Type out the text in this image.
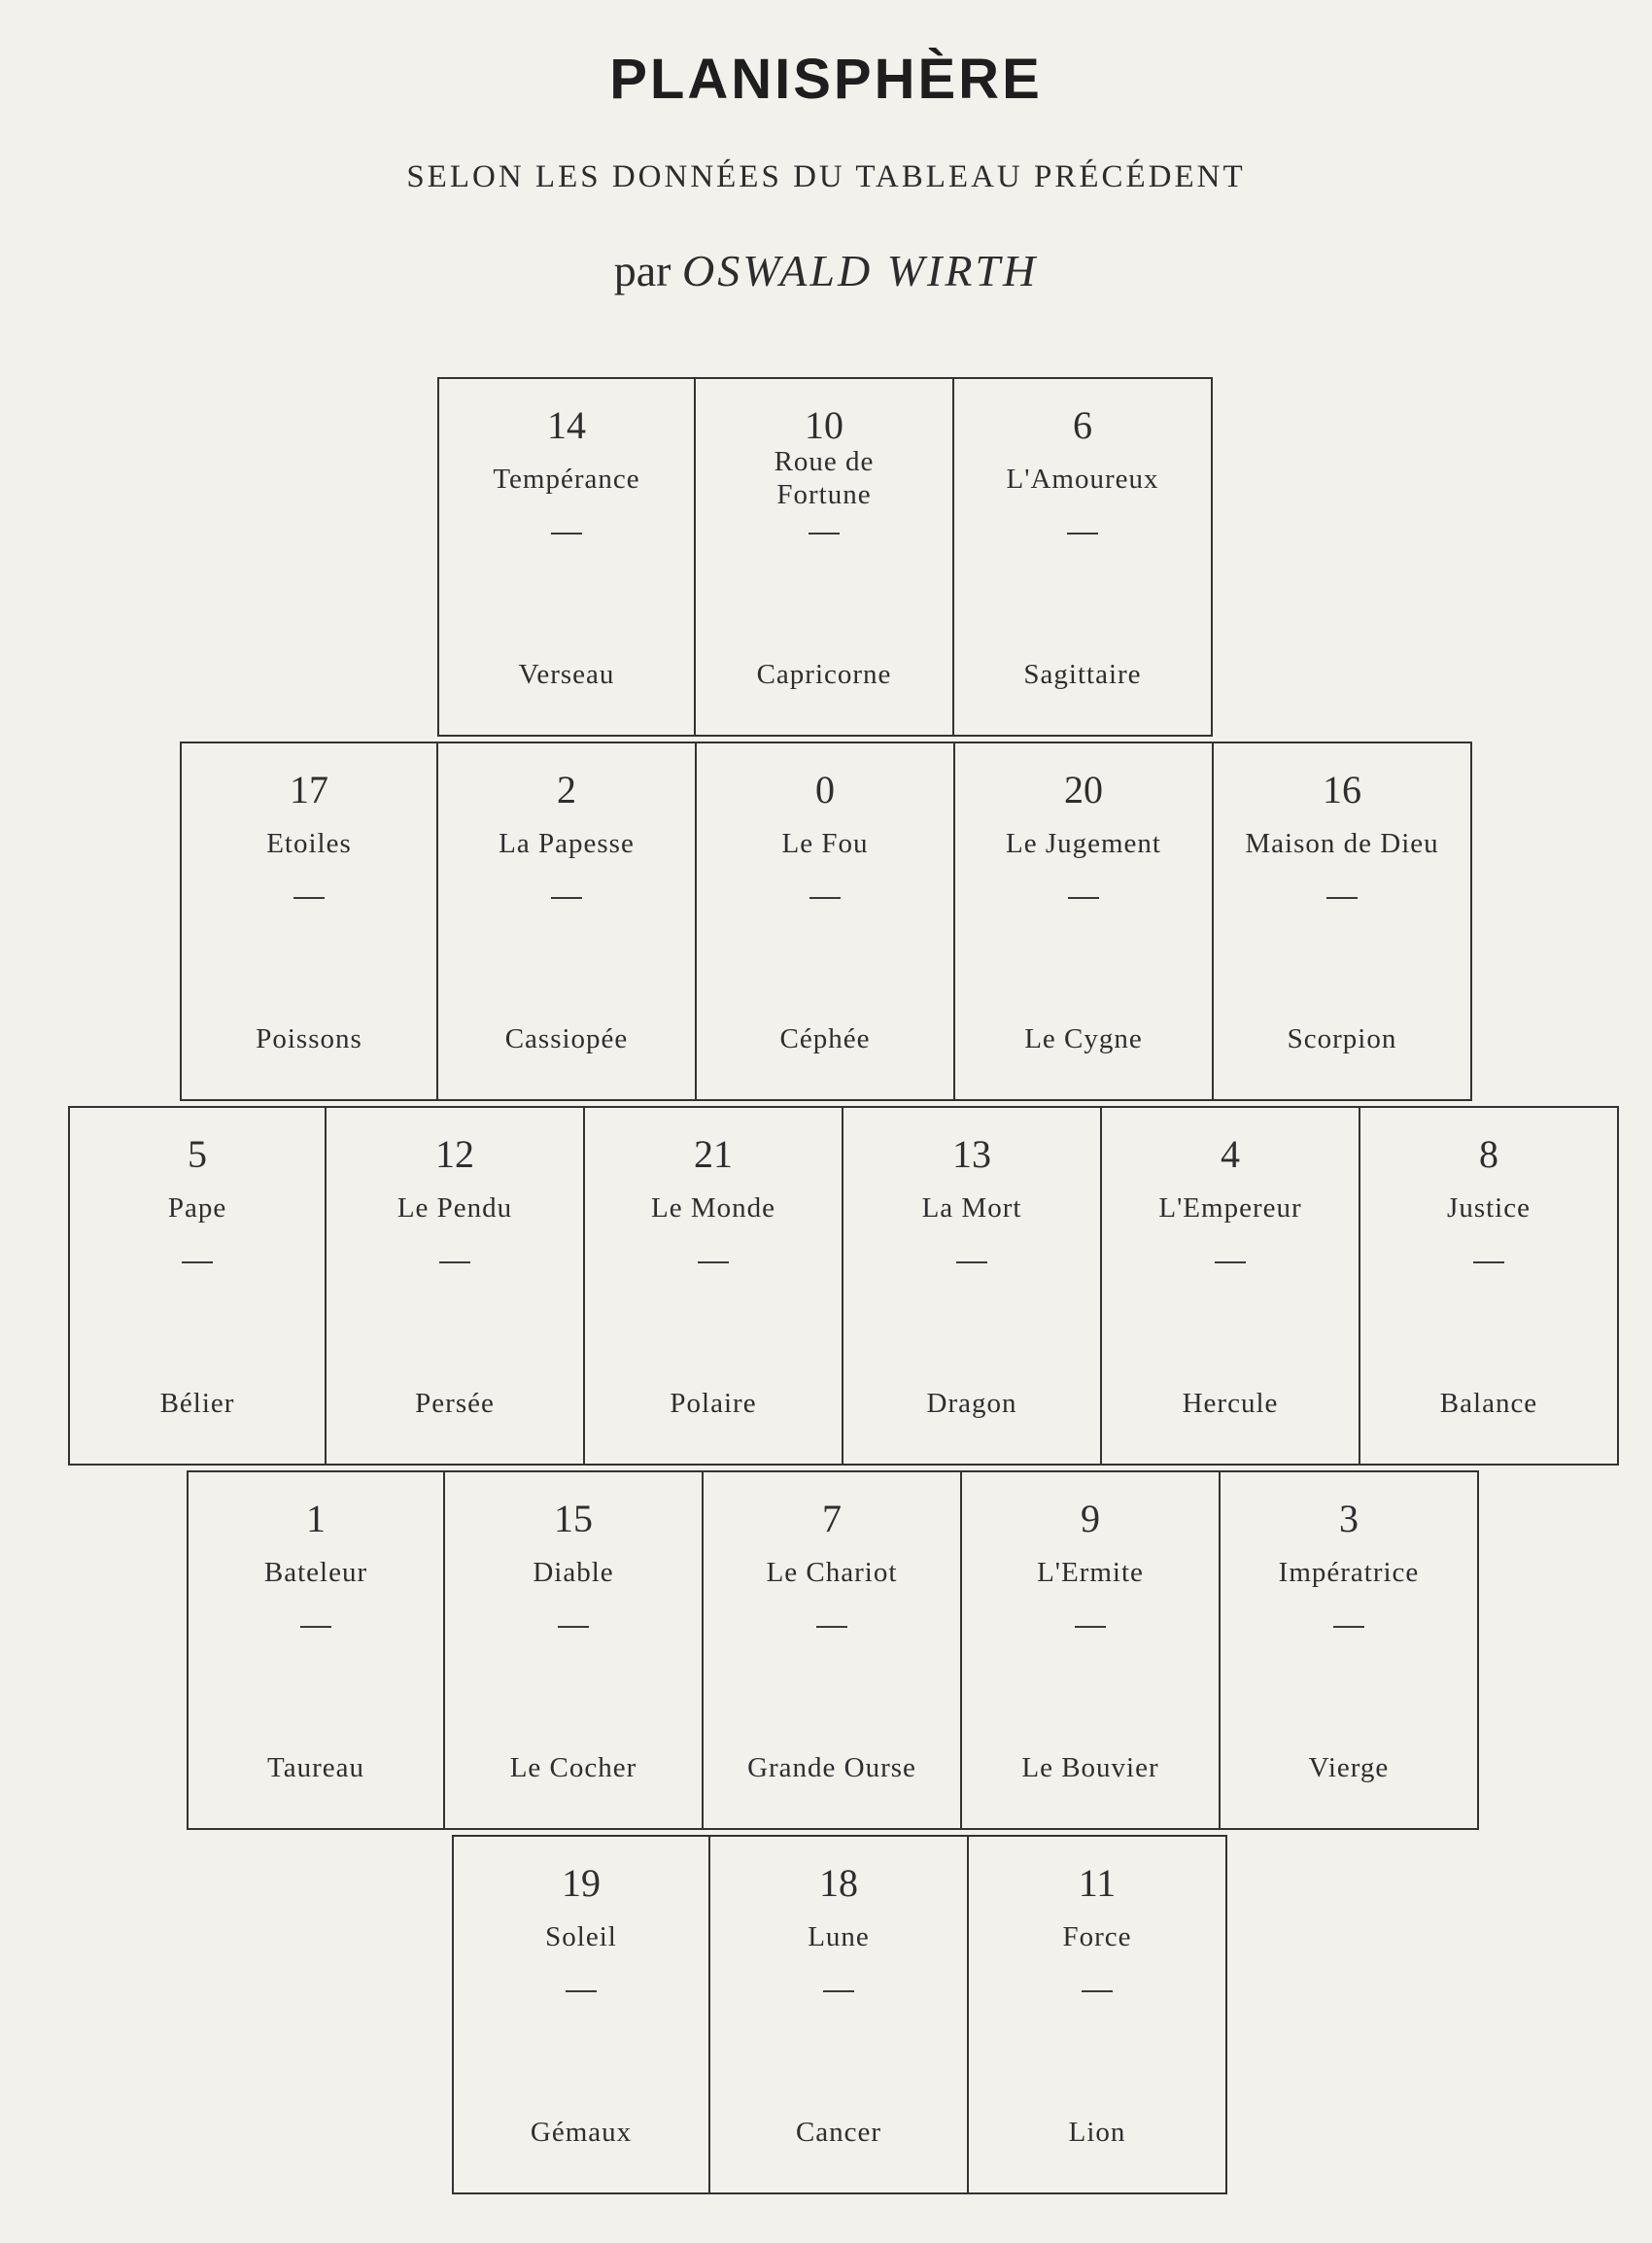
PLANISPHÈRE
SELON LES DONNÉES DU TABLEAU PRÉCÉDENT
par OSWALD WIRTH
14
Tempérance
Verseau
10
Roue de Fortune
Capricorne
6
L'Amoureux
Sagittaire
17
Etoiles
Poissons
2
La Papesse
Cassiopée
0
Le Fou
Céphée
20
Le Jugement
Le Cygne
16
Maison de Dieu
Scorpion
5
Pape
Bélier
12
Le Pendu
Persée
21
Le Monde
Polaire
13
La Mort
Dragon
4
L'Empereur
Hercule
8
Justice
Balance
1
Bateleur
Taureau
15
Diable
Le Cocher
7
Le Chariot
Grande Ourse
9
L'Ermite
Le Bouvier
3
Impératrice
Vierge
19
Soleil
Gémaux
18
Lune
Cancer
11
Force
Lion
